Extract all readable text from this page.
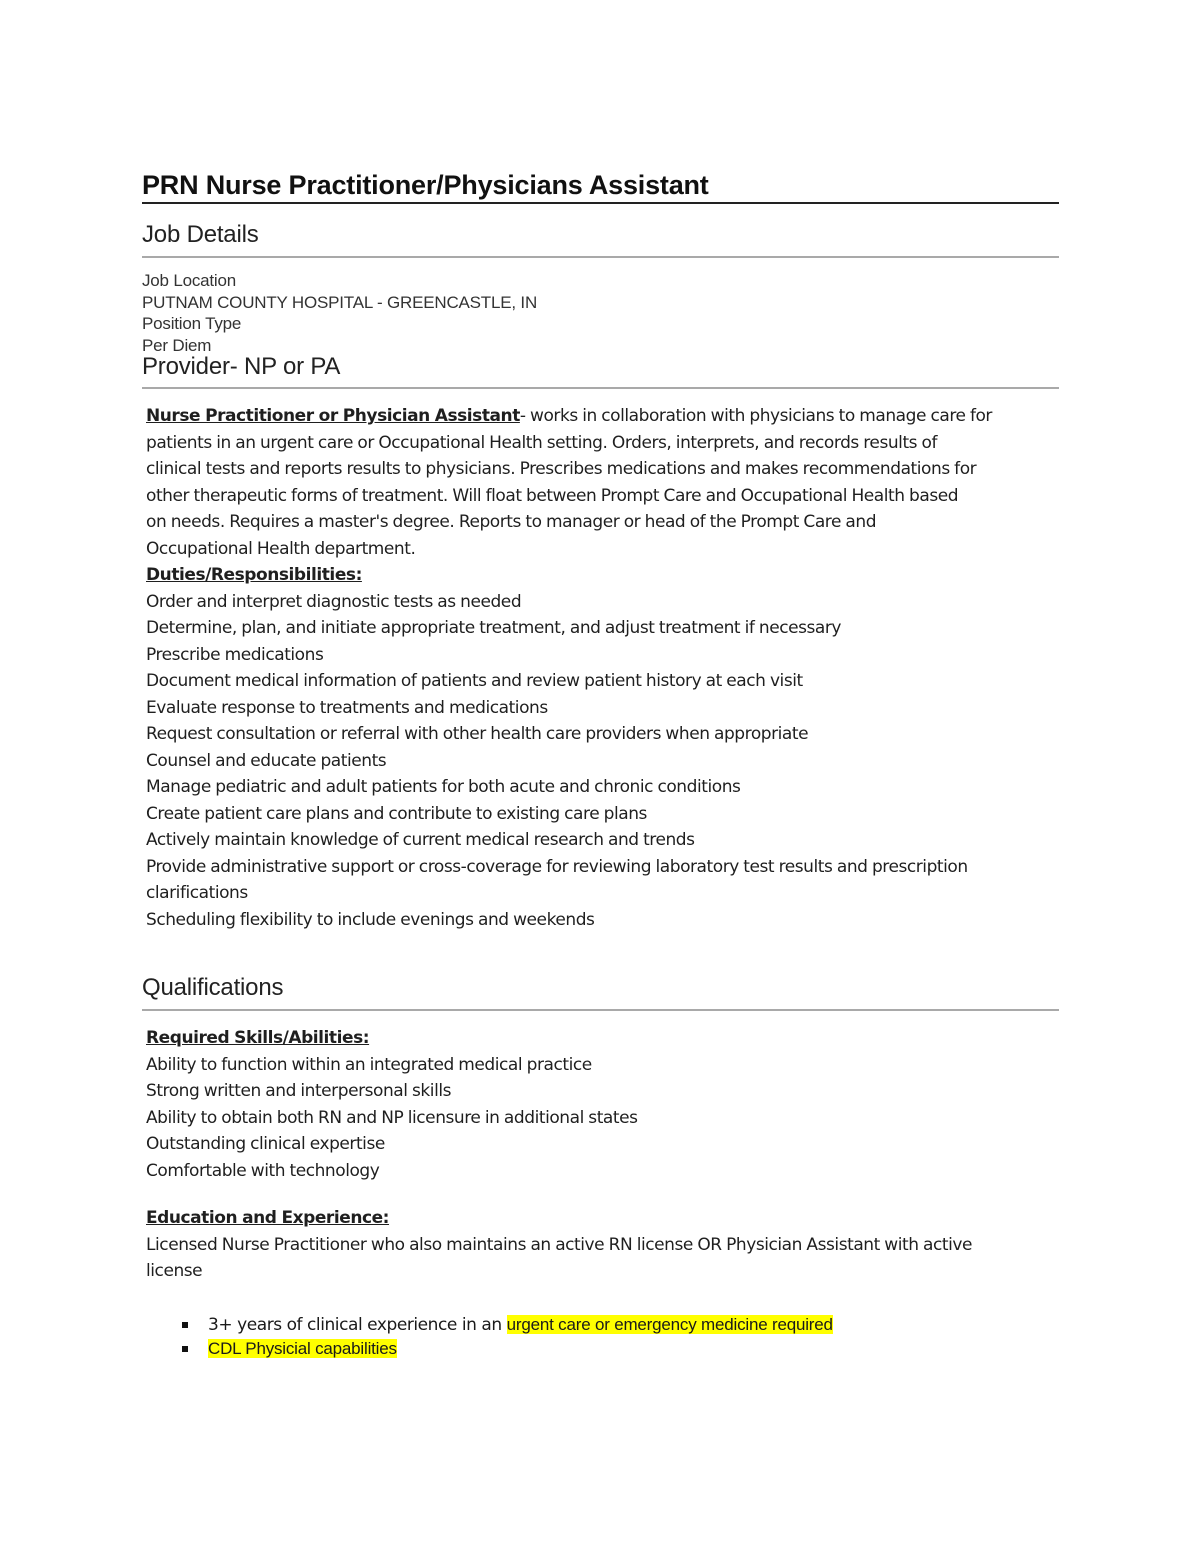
PRN Nurse Practitioner/Physicians Assistant
Job Details
Job Location
PUTNAM COUNTY HOSPITAL - GREENCASTLE, IN
Position Type
Per Diem
Provider- NP or PA
Nurse Practitioner or Physician Assistant- works in collaboration with physicians to manage care for
patients in an urgent care or Occupational Health setting. Orders, interprets, and records results of
clinical tests and reports results to physicians. Prescribes medications and makes recommendations for
other therapeutic forms of treatment. Will float between Prompt Care and Occupational Health based
on needs. Requires a master's degree. Reports to manager or head of the Prompt Care and
Occupational Health department.
Duties/Responsibilities:
Order and interpret diagnostic tests as needed
Determine, plan, and initiate appropriate treatment, and adjust treatment if necessary
Prescribe medications
Document medical information of patients and review patient history at each visit
Evaluate response to treatments and medications
Request consultation or referral with other health care providers when appropriate
Counsel and educate patients
Manage pediatric and adult patients for both acute and chronic conditions
Create patient care plans and contribute to existing care plans
Actively maintain knowledge of current medical research and trends
Provide administrative support or cross-coverage for reviewing laboratory test results and prescription
clarifications
Scheduling flexibility to include evenings and weekends
Qualifications
Required Skills/Abilities:
Ability to function within an integrated medical practice
Strong written and interpersonal skills
Ability to obtain both RN and NP licensure in additional states
Outstanding clinical expertise
Comfortable with technology
Education and Experience:
Licensed Nurse Practitioner who also maintains an active RN license OR Physician Assistant with active
license
3+ years of clinical experience in an urgent care or emergency medicine required
CDL Physicial capabilities
